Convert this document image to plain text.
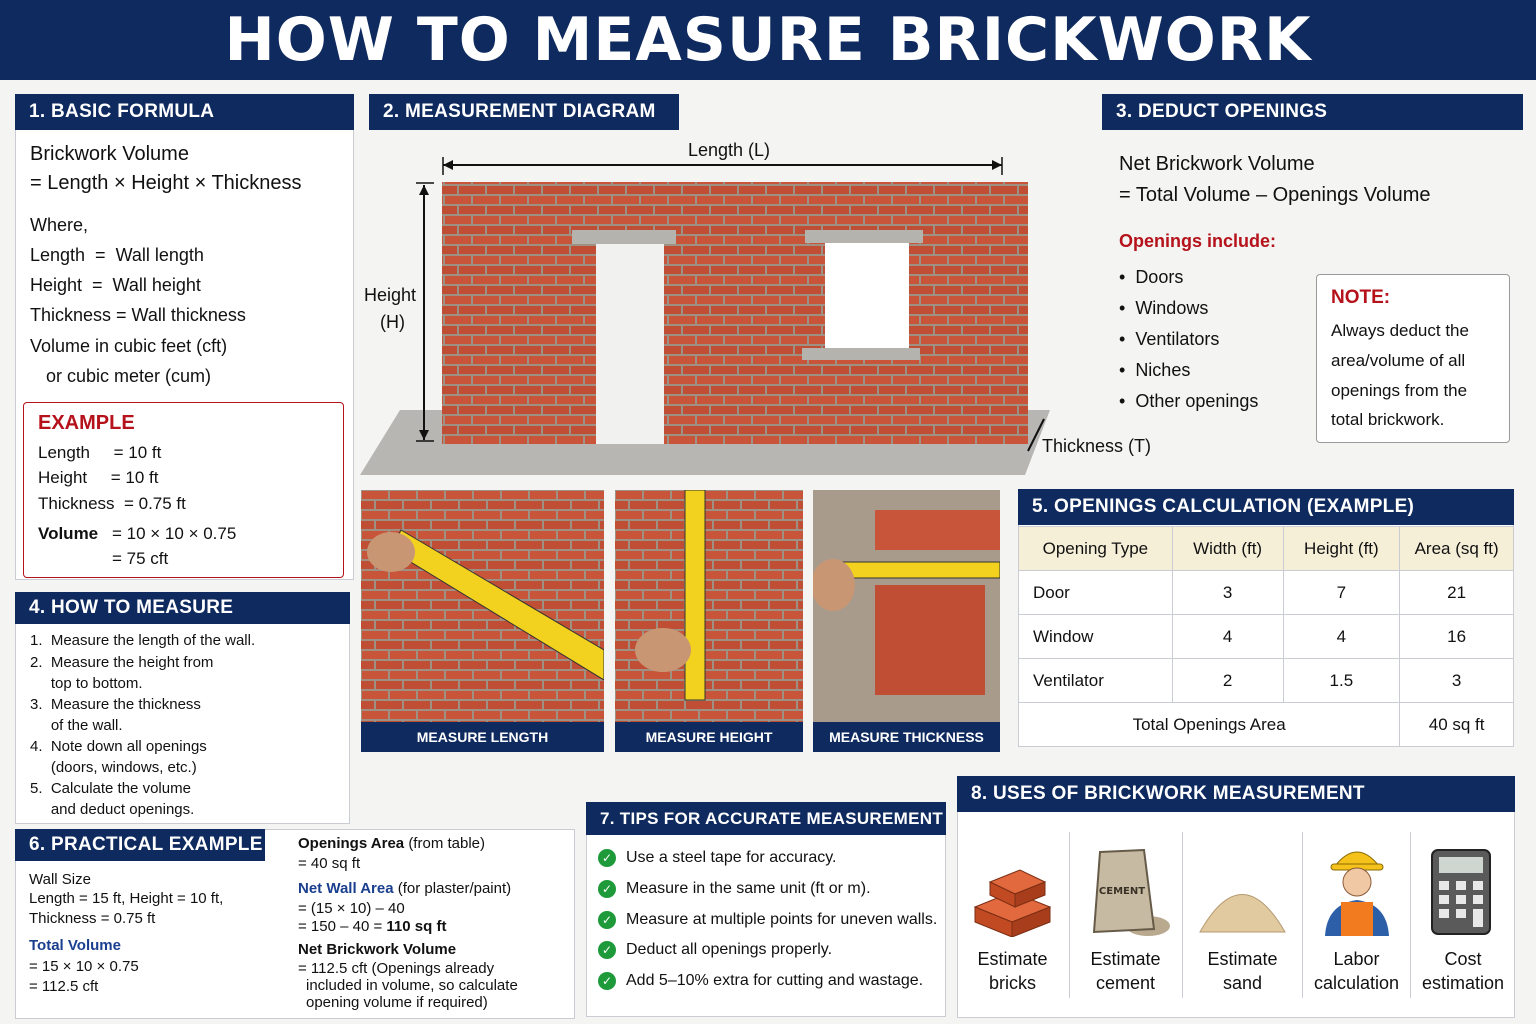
HOW TO MEASURE BRICKWORK
1. BASIC FORMULA
Brickwork Volume
= Length × Height × Thickness
Where,
Length  =  Wall length
Height  =  Wall height
Thickness = Wall thickness
Volume in cubic feet (cft)
or cubic meter (cum)
EXAMPLE
Length     = 10 ft
Height     = 10 ft
Thickness  = 0.75 ft
Volume = 10 × 10 × 0.75
= 75 cft
2. MEASUREMENT DIAGRAM
Length (L)
Height
(H)
Thickness (T)
MEASURE LENGTH	MEASURE HEIGHT	MEASURE THICKNESS
3. DEDUCT OPENINGS
Net Brickwork Volume
= Total Volume – Openings Volume
Openings include:
•  Doors
•  Windows
•  Ventilators
•  Niches
•  Other openings
NOTE:
Always deduct the
area/volume of all
openings from the
total brickwork.
4. HOW TO MEASURE
1.  Measure the length of the wall.
2.  Measure the height from
top to bottom.
3.  Measure the thickness
of the wall.
4.  Note down all openings
(doors, windows, etc.)
5.  Calculate the volume
and deduct openings.
5. OPENINGS CALCULATION (EXAMPLE)
Opening Type	Width (ft)	Height (ft)	Area (sq ft)
Door	3	7	21
Window	4	4	16
Ventilator	2	1.5	3
Total Openings Area			40 sq ft
6. PRACTICAL EXAMPLE
Wall Size
Length = 15 ft, Height = 10 ft,
Thickness = 0.75 ft
Total Volume
= 15 × 10 × 0.75
= 112.5 cft
Openings Area (from table)
= 40 sq ft
Net Wall Area (for plaster/paint)
= (15 × 10) – 40
= 150 – 40 = 110 sq ft
Net Brickwork Volume
= 112.5 cft (Openings already
included in volume, so calculate
opening volume if required)
7. TIPS FOR ACCURATE MEASUREMENT
✓ Use a steel tape for accuracy.
✓ Measure in the same unit (ft or m).
✓ Measure at multiple points for uneven walls.
✓ Deduct all openings properly.
✓ Add 5–10% extra for cutting and wastage.
8. USES OF BRICKWORK MEASUREMENT
Estimate
bricks
CEMENT
Estimate
cement
Estimate
sand
Labor
calculation
Cost
estimation
